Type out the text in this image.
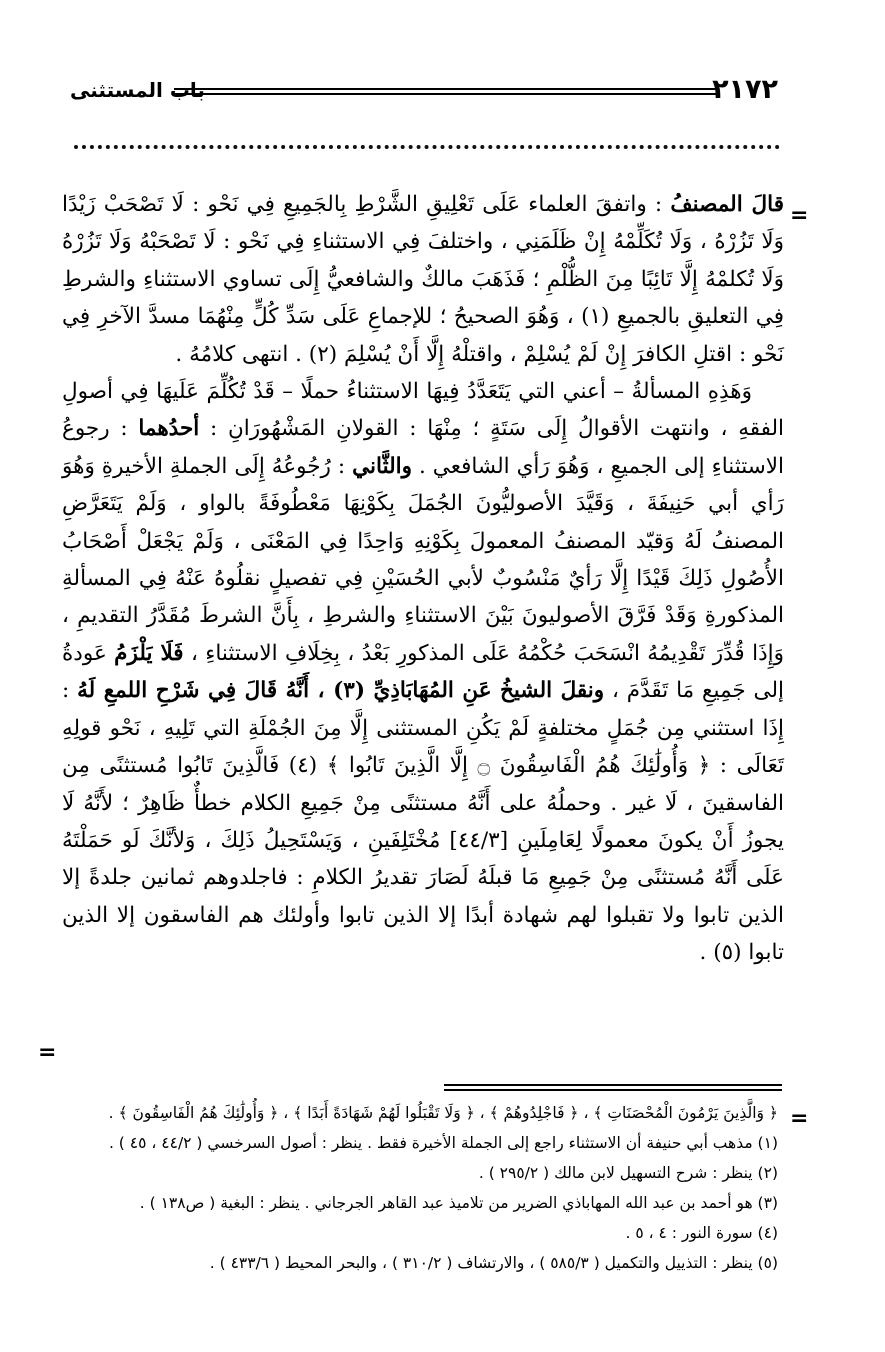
٢١٧٢
باب المستثنى
=
=
=

قالَ المصنفُ : واتفقَ العلماء عَلَى تَعْلِيقِ الشَّرْطِ بِالجَمِيعِ فِي نَحْو : لَا تَصْحَبْ زَيْدًا وَلَا تَزُرْهُ ، وَلَا تُكَلِّمْهُ إِنْ ظَلَمَنِي ، واختلفَ فِي الاستثناءِ فِي نَحْو : لَا تَصْحَبْهُ وَلَا تَزُرْهُ وَلَا تُكلمْهُ إِلَّا تَائِبًا مِنَ الظُّلْمِ ؛ فَذَهَبَ مالكٌ والشافعيُّ إِلَى تساوي الاستثناءِ والشرطِ فِي التعليقِ بالجميعِ (١) ، وَهُوَ الصحيحُ ؛ للإجماعِ عَلَى سَدِّ كُلٍّ مِنْهُمَا مسدَّ الآخرِ فِي نَحْو : اقتلِ الكافرَ إِنْ لَمْ يُسْلِمْ ، واقتلْهُ إِلَّا أَنْ يُسْلِمَ (٢) . انتهى كلامُهُ .

وَهَذِهِ المسألةُ – أعني التي يَتَعَدَّدُ فِيهَا الاستثناءُ حملًا – قَدْ تُكُلِّمَ عَلَيهَا فِي أصولِ الفقهِ ، وانتهت الأقوالُ إِلَى سَتَةٍ ؛ مِنْهَا : القولانِ المَشْهُورَانِ : أحدُهما : رجوعُ الاستثناءِ إلى الجميعِ ، وَهُوَ رَأي الشافعي . والثَّاني : رُجُوعُهُ إِلَى الجملةِ الأخيرةِ وَهُوَ رَأي أبي حَنِيفَةَ ، وَقَيَّدَ الأصوليُّونَ الجُمَلَ بِكَوْنِهَا مَعْطُوفَةً بالواو ، وَلَمْ يَتَعَرَّضِ المصنفُ لَهُ وَقيّد المصنفُ المعمولَ بِكَوْنِهِ وَاحِدًا فِي المَعْنَى ، وَلَمْ يَجْعَلْ أَصْحَابُ الأُصُولِ ذَلِكَ قَيْدًا إِلَّا رَأيٌ مَنْسُوبٌ لأبي الحُسَيْنِ فِي تفصيلٍ نقلُوهُ عَنْهُ فِي المسألةِ المذكورةِ وَقَدْ فَرَّقَ الأصوليونَ بَيْنَ الاستثناءِ والشرطِ ، بِأَنَّ الشرطَ مُقَدَّرُ التقديمِ ، وَإِذَا قُدِّرَ تَقْدِيمُهُ انْسَحَبَ حُكْمُهُ عَلَى المذكورِ بَعْدُ ، بِخِلَافِ الاستثناءِ ، فَلَا يَلْزَمُ عَودةُ إلى جَمِيعِ مَا تَقَدَّمَ ، ونقلَ الشيخُ عَنِ المُهَابَاذِيِّ (٣) ، أَنَّهُ قَالَ فِي شَرْحِ اللمعِ لَهُ : إِذَا استثني مِن جُمَلٍ مختلفةٍ لَمْ يَكُنِ المستثنى إِلَّا مِنَ الجُمْلَةِ التي تَلِيهِ ، نَحْو قولِهِ تَعَالَى : ﴿ وَأُولَٰئِكَ هُمُ الْفَاسِقُونَ ۝ إِلَّا الَّذِينَ تَابُوا ﴾ (٤) فَالَّذِينَ تَابُوا مُستثنًى مِن الفاسقينَ ، لَا غير . وحملُهُ على أَنَّهُ مستثنًى مِنْ جَمِيعِ الكلام خطأٌ ظَاهِرٌ ؛ لأَنَّهُ لَا يجوزُ أَنْ يكونَ معمولًا لِعَامِلَينِ [٤٤/٣] مُخْتَلِفَينِ ، وَيَسْتَحِيلُ ذَلِكَ ، وَلأنَّكَ لَو حَمَلْتَهُ عَلَى أَنَّهُ مُستثنًى مِنْ جَمِيعِ مَا قبلَهُ لَصَارَ تقديرُ الكلامِ : فاجلدوهم ثمانين جلدةً إلا الذين تابوا ولا تقبلوا لهم شهادة أبدًا إلا الذين تابوا وأولئك هم الفاسقون إلا الذين تابوا (٥) .

﴿ وَالَّذِينَ يَرْمُونَ الْمُحْصَنَاتِ ﴾ ، ﴿ فَاجْلِدُوهُمْ ﴾ ، ﴿ وَلَا تَقْبَلُوا لَهُمْ شَهَادَةً أَبَدًا ﴾ ، ﴿ وَأُولَٰئِكَ هُمُ الْفَاسِقُونَ ﴾ .
(١) مذهب أبي حنيفة أن الاستثناء راجع إلى الجملة الأخيرة فقط . ينظر : أصول السرخسي ( ٤٤/٢ ، ٤٥ ) .
(٢) ينظر : شرح التسهيل لابن مالك ( ٢٩٥/٢ ) .
(٣) هو أحمد بن عبد الله المهاباذي الضرير من تلاميذ عبد القاهر الجرجاني . ينظر : البغية ( ص١٣٨ ) .
(٤) سورة النور : ٤ ، ٥ .
(٥) ينظر : التذييل والتكميل ( ٥٨٥/٣ ) ، والارتشاف ( ٣١٠/٢ ) ، والبحر المحيط ( ٤٣٣/٦ ) .
